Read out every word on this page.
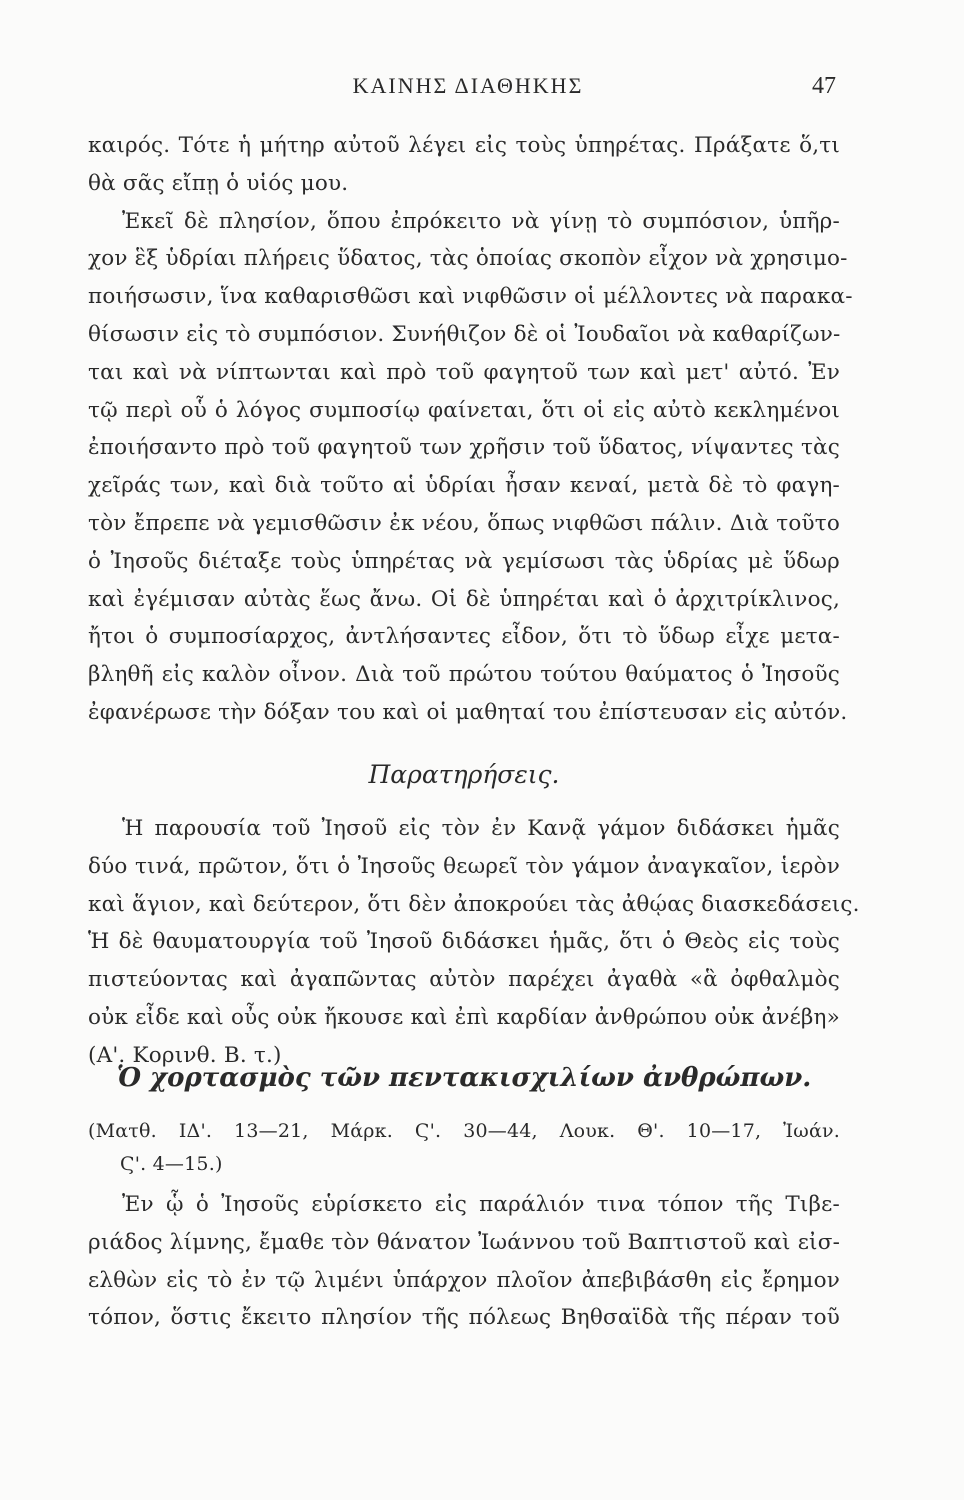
ΚΑΙΝΗΣ ΔΙΑΘΗΚΗΣ	47
καιρός. Τότε ἡ μήτηρ αὐτοῦ λέγει εἰς τοὺς ὑπηρέτας. Πράξατε ὅ,τι
θὰ σᾶς εἴπῃ ὁ υἱός μου.
Ἐκεῖ δὲ πλησίον, ὅπου ἐπρόκειτο νὰ γίνῃ τὸ συμπόσιον, ὑπῆρ-
χον ἓξ ὑδρίαι πλήρεις ὕδατος, τὰς ὁποίας σκοπὸν εἶχον νὰ χρησιμο-
ποιήσωσιν, ἵνα καθαρισθῶσι καὶ νιφθῶσιν οἱ μέλλοντες νὰ παρακα-
θίσωσιν εἰς τὸ συμπόσιον. Συνήθιζον δὲ οἱ Ἰουδαῖοι νὰ καθαρίζων-
ται καὶ νὰ νίπτωνται καὶ πρὸ τοῦ φαγητοῦ των καὶ μετ' αὐτό. Ἐν
τῷ περὶ οὗ ὁ λόγος συμποσίῳ φαίνεται, ὅτι οἱ εἰς αὐτὸ κεκλημένοι
ἐποιήσαντο πρὸ τοῦ φαγητοῦ των χρῆσιν τοῦ ὕδατος, νίψαντες τὰς
χεῖράς των, καὶ διὰ τοῦτο αἱ ὑδρίαι ἦσαν κεναί, μετὰ δὲ τὸ φαγη-
τὸν ἔπρεπε νὰ γεμισθῶσιν ἐκ νέου, ὅπως νιφθῶσι πάλιν. Διὰ τοῦτο
ὁ Ἰησοῦς διέταξε τοὺς ὑπηρέτας νὰ γεμίσωσι τὰς ὑδρίας μὲ ὕδωρ
καὶ ἐγέμισαν αὐτὰς ἕως ἄνω. Οἱ δὲ ὑπηρέται καὶ ὁ ἀρχιτρίκλινος,
ἤτοι ὁ συμποσίαρχος, ἀντλήσαντες εἶδον, ὅτι τὸ ὕδωρ εἶχε μετα-
βληθῆ εἰς καλὸν οἶνον. Διὰ τοῦ πρώτου τούτου θαύματος ὁ Ἰησοῦς
ἐφανέρωσε τὴν δόξαν του καὶ οἱ μαθηταί του ἐπίστευσαν εἰς αὐτόν.
Παρατηρήσεις.
Ἡ παρουσία τοῦ Ἰησοῦ εἰς τὸν ἐν Κανᾷ γάμον διδάσκει ἡμᾶς
δύο τινά, πρῶτον, ὅτι ὁ Ἰησοῦς θεωρεῖ τὸν γάμον ἀναγκαῖον, ἱερὸν
καὶ ἅγιον, καὶ δεύτερον, ὅτι δὲν ἀποκρούει τὰς ἀθῴας διασκεδάσεις.
Ἡ δὲ θαυματουργία τοῦ Ἰησοῦ διδάσκει ἡμᾶς, ὅτι ὁ Θεὸς εἰς τοὺς
πιστεύοντας καὶ ἀγαπῶντας αὐτὸν παρέχει ἀγαθὰ «ἃ ὀφθαλμὸς
οὐκ εἶδε καὶ οὖς οὐκ ἤκουσε καὶ ἐπὶ καρδίαν ἀνθρώπου οὐκ ἀνέβη»
(Α'. Κορινθ. Β. τ.)
Ὁ χορτασμὸς τῶν πεντακισχιλίων ἀνθρώπων.
(Ματθ. ΙΔ'. 13—21, Μάρκ. Ϛ'. 30—44, Λουκ. Θ'. 10—17, Ἰωάν.
Ϛ'. 4—15.)
Ἐν ᾧ ὁ Ἰησοῦς εὑρίσκετο εἰς παράλιόν τινα τόπον τῆς Τιβε-
ριάδος λίμνης, ἔμαθε τὸν θάνατον Ἰωάννου τοῦ Βαπτιστοῦ καὶ εἰσ-
ελθὼν εἰς τὸ ἐν τῷ λιμένι ὑπάρχον πλοῖον ἀπεβιβάσθη εἰς ἔρημον
τόπον, ὅστις ἔκειτο πλησίον τῆς πόλεως Βηθσαϊδὰ τῆς πέραν τοῦ
